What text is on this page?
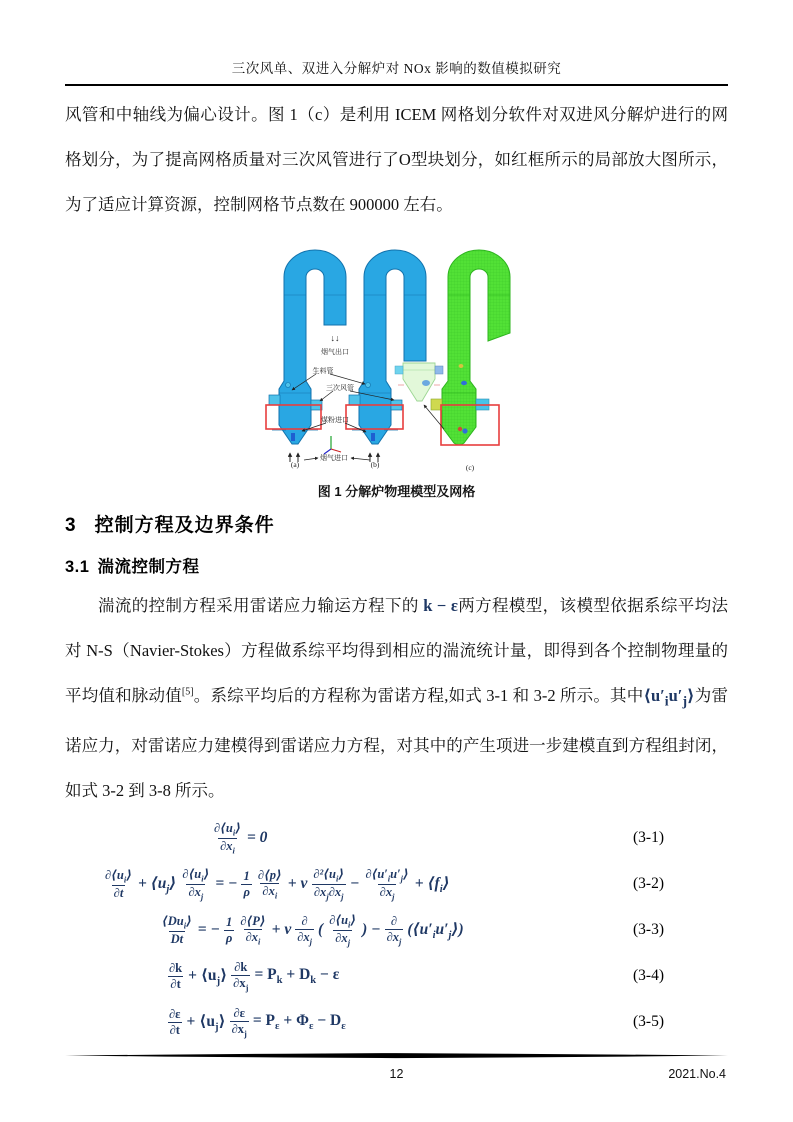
三次风单、双进入分解炉对 NOx 影响的数值模拟研究
风管和中轴线为偏心设计。图 1（c）是利用 ICEM 网格划分软件对双进风分解炉进行的网格划分，为了提高网格质量对三次风管进行了O型块划分，如红框所示的局部放大图所示，为了适应计算资源，控制网格节点数在 900000 左右。
↓↓
烟气出口
生料管
三次风管
煤粉进口
烟气进口
(a)	(b)	(c)
图 1 分解炉物理模型及网格
3 控制方程及边界条件
3.1 湍流控制方程
湍流的控制方程采用雷诺应力输运方程下的 k − ε两方程模型，该模型依据系综平均法对 N-S（Navier-Stokes）方程做系综平均得到相应的湍流统计量，即得到各个控制物理量的平均值和脉动值[5]。系综平均后的方程称为雷诺方程,如式 3-1 和 3-2 所示。其中$⟨u'_iu'_j⟩$为雷诺应力，对雷诺应力建模得到雷诺应力方程，对其中的产生项进一步建模直到方程组封闭，如式 3-2 到 3-8 所示。
$\frac{\partial⟨u_i⟩}{\partial x_i} = 0$	(3-1)
$\frac{\partial⟨u_i⟩}{\partial t}$ + $⟨u_j⟩ \frac{\partial⟨u_i⟩}{\partial x_j}$ = − $\frac{1}{\rho} \frac{\partial⟨p⟩}{\partial x_i} + \nu \frac{\partial^2⟨u_i⟩}{\partial x_j\partial x_j} - \frac{\partial⟨u'_iu'_j⟩}{\partial x_j}$ + $⟨f_i⟩$	(3-2)
$\frac{⟨Du_i⟩}{Dt}$ = − $\frac{1}{\rho} \frac{\partial⟨P⟩}{\partial x_i} + \nu \frac{\partial}{\partial x_j}$ ( $\frac{\partial⟨u_i⟩}{\partial x_j}$ ) − $\frac{\partial}{\partial x_j}$ $(⟨u'_iu'_j⟩)$	(3-3)
$\frac{\partial k}{\partial t}$ + $⟨u_j⟩ \frac{\partial k}{\partial x_j} = P_k + D_k - \varepsilon$	(3-4)
$\frac{\partial\varepsilon}{\partial t}$ + $⟨u_j⟩ \frac{\partial\varepsilon}{\partial x_j} = P_\varepsilon + \Phi_\varepsilon - D_\varepsilon$	(3-5)
12	2021.No.4
